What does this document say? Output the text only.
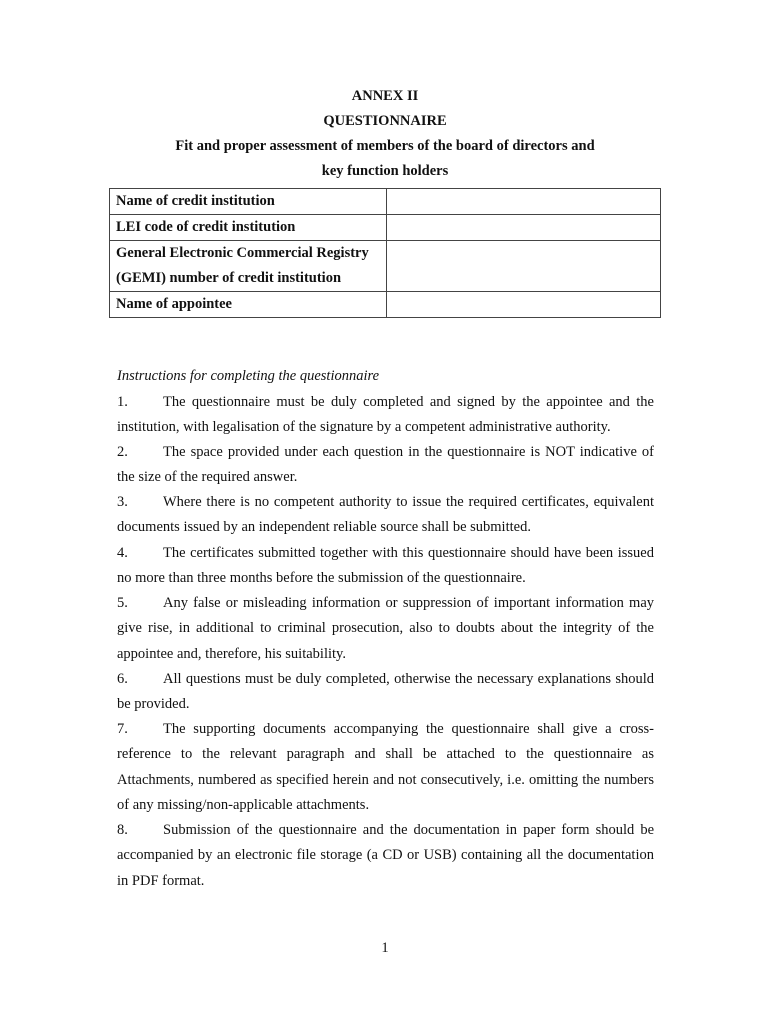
ANNEX II
QUESTIONNAIRE
Fit and proper assessment of members of the board of directors and
key function holders
Name of credit institution	
LEI code of credit institution	
General Electronic Commercial Registry (GEMI) number of credit institution	
Name of appointee	
Instructions for completing the questionnaire
1. The questionnaire must be duly completed and signed by the appointee and the institution, with legalisation of the signature by a competent administrative authority.
2. The space provided under each question in the questionnaire is NOT indicative of the size of the required answer.
3. Where there is no competent authority to issue the required certificates, equivalent documents issued by an independent reliable source shall be submitted.
4. The certificates submitted together with this questionnaire should have been issued no more than three months before the submission of the questionnaire.
5. Any false or misleading information or suppression of important information may give rise, in additional to criminal prosecution, also to doubts about the integrity of the appointee and, therefore, his suitability.
6. All questions must be duly completed, otherwise the necessary explanations should be provided.
7. The supporting documents accompanying the questionnaire shall give a cross-reference to the relevant paragraph and shall be attached to the questionnaire as Attachments, numbered as specified herein and not consecutively, i.e. omitting the numbers of any missing/non-applicable attachments.
8. Submission of the questionnaire and the documentation in paper form should be accompanied by an electronic file storage (a CD or USB) containing all the documentation in PDF format.
1
